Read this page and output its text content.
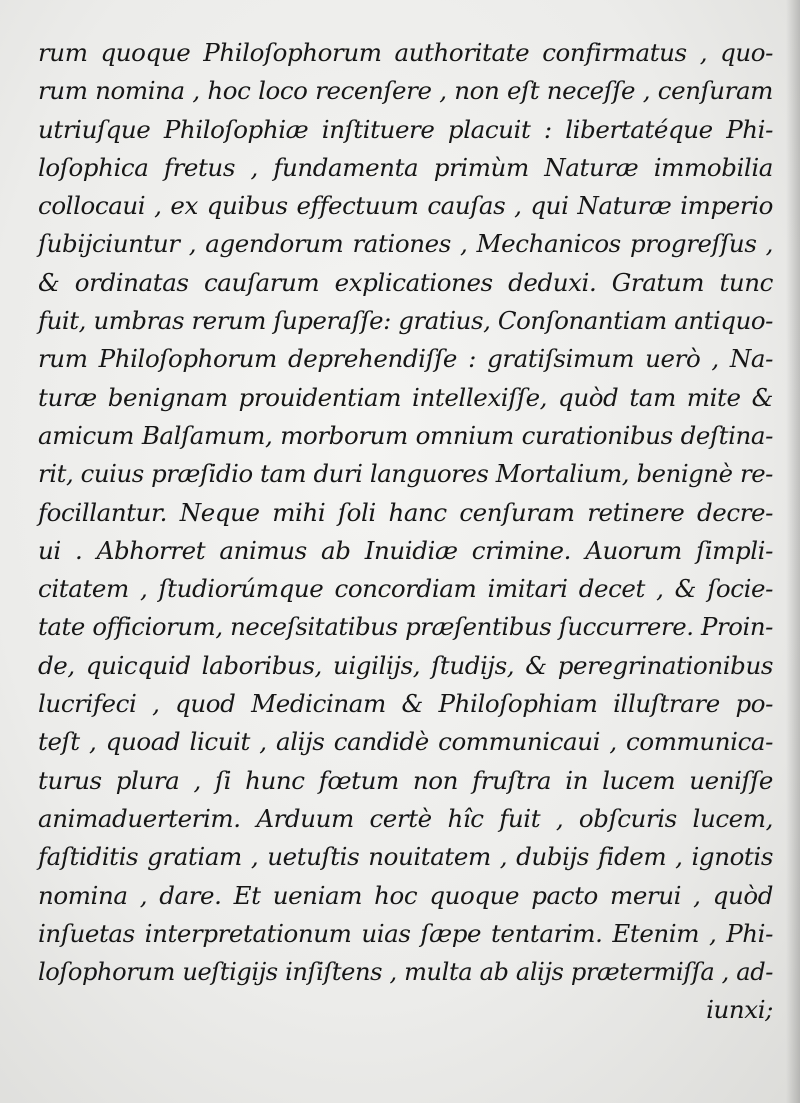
rum quoque Philoſophorum authoritate confirmatus , quo-
rum nomina , hoc loco recenſere , non eſt neceſſe , cenſuram
utriuſque Philoſophiæ inſtituere placuit : libertatéque Phi-
loſophica fretus , fundamenta primùm Naturæ immobilia
collocaui , ex quibus effectuum cauſas , qui Naturæ imperio
ſubijciuntur , agendorum rationes , Mechanicos progreſſus ,
& ordinatas cauſarum explicationes deduxi. Gratum tunc
fuit, umbras rerum ſuperaſſe: gratius, Conſonantiam antiquo-
rum Philoſophorum deprehendiſſe : gratiſsimum uerò , Na-
turæ benignam prouidentiam intellexiſſe, quòd tam mite &
amicum Balſamum, morborum omnium curationibus deſtina-
rit, cuius præſidio tam duri languores Mortalium, benignè re-
focillantur. Neque mihi ſoli hanc cenſuram retinere decre-
ui . Abhorret animus ab Inuidiæ crimine. Auorum ſimpli-
citatem , ſtudiorúmque concordiam imitari decet , & ſocie-
tate officiorum, neceſsitatibus præſentibus ſuccurrere. Proin-
de, quicquid laboribus, uigilijs, ſtudijs, & peregrinationibus
lucrifeci , quod Medicinam & Philoſophiam illuſtrare po-
teſt , quoad licuit , alijs candidè communicaui , communica-
turus plura , ſi hunc fœtum non fruſtra in lucem ueniſſe
animaduerterim. Arduum certè hîc fuit , obſcuris lucem,
faſtiditis gratiam , uetuſtis nouitatem , dubijs fidem , ignotis
nomina , dare. Et ueniam hoc quoque pacto merui , quòd
inſuetas interpretationum uias ſæpe tentarim. Etenim , Phi-
loſophorum ueſtigijs inſiſtens , multa ab alijs prætermiſſa , ad-
iunxi;
